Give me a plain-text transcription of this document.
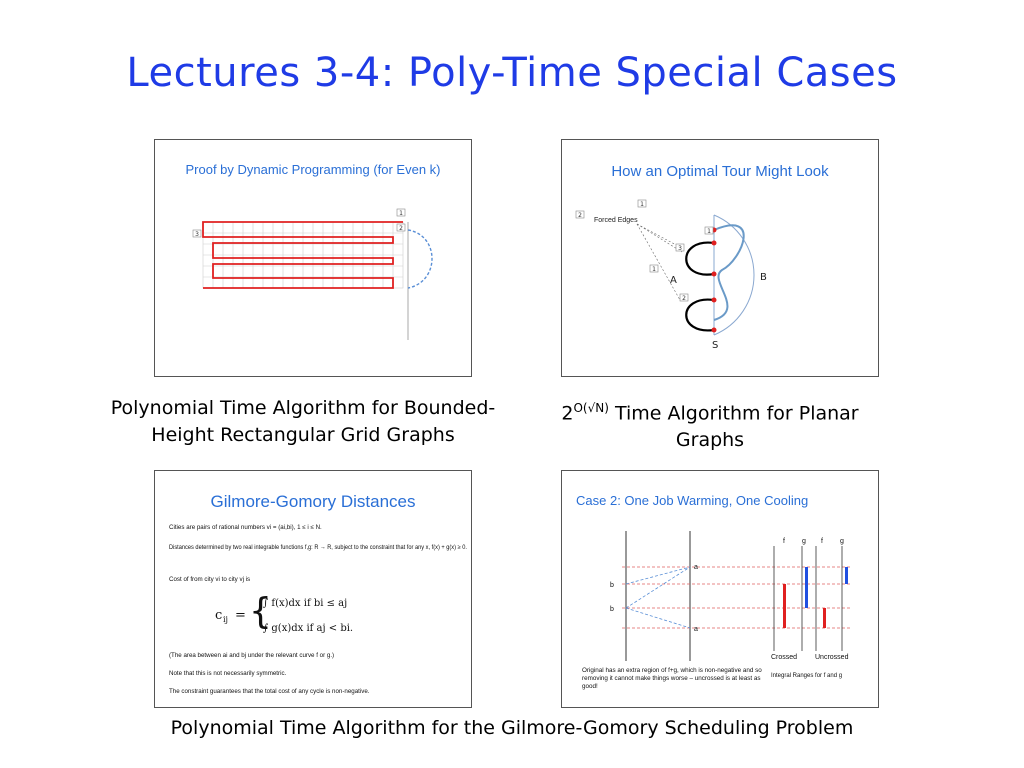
Lectures 3-4: Poly-Time Special Cases
Proof by Dynamic Programming (for Even k)
1
2
3
How an Optimal Tour Might Look
Forced Edges
A	B
S
2
1
1
3
1
2
Polynomial Time Algorithm for Bounded-Height Rectangular Grid Graphs
$2^{O(√N)}$ Time Algorithm for Planar Graphs
Gilmore-Gomory Distances
Cities are pairs of rational numbers vi = (ai,bi), 1 ≤ i ≤ N.
Distances determined by two real integrable functions f,g: R → R, subject to the constraint that for any x, f(x) + g(x) ≥ 0.
Cost of from city vi to city vj is
(The area between ai and bj under the relevant curve f or g.)
Note that this is not necessarily symmetric.
The constraint guarantees that the total cost of any cycle is non-negative.
c ij = {
∫ f(x)dx if bi ≤ aj
∫ g(x)dx if aj < bi.
Case 2: One Job Warming, One Cooling
f g f g
Crossed	Uncrossed
Integral Ranges for f and g
b
b
a
a
Original has an extra region of f+g, which is non-negative and so removing it cannot make things worse – uncrossed is at least as good!
Polynomial Time Algorithm for the Gilmore-Gomory Scheduling Problem
